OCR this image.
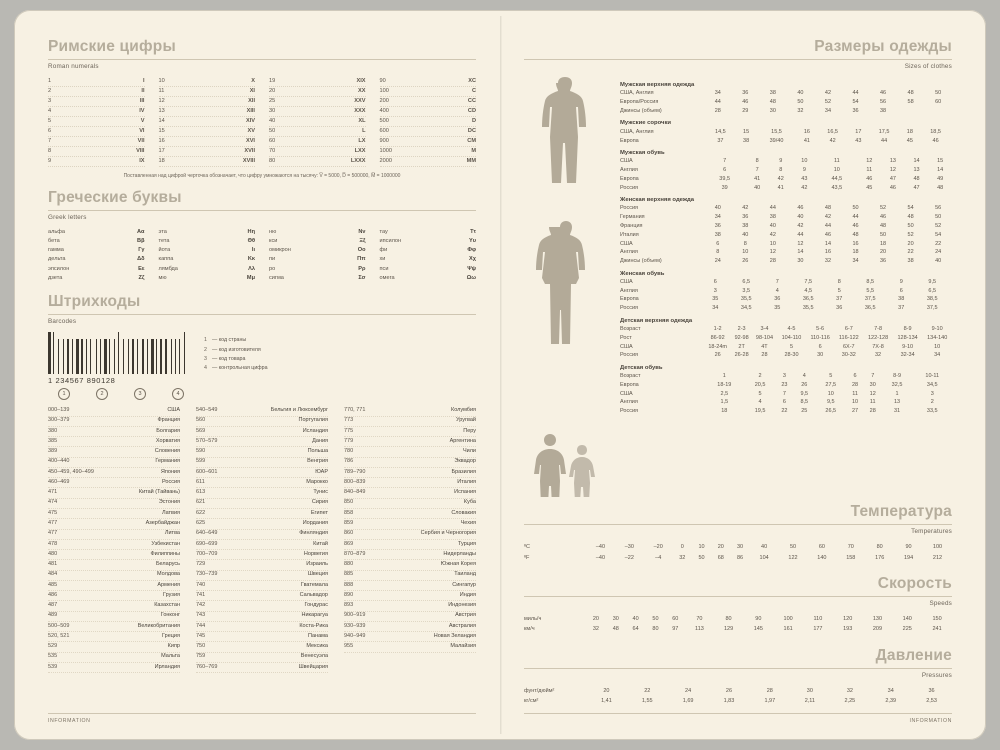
Римские цифры
Roman numerals
1	I
2	II
3	III
4	IV
5	V
6	VI
7	VII
8	VIII
9	IX
10	X
11	XI
12	XII
13	XIII
14	XIV
15	XV
16	XVI
17	XVII
18	XVIII
19	XIX
20	XX
25	XXV
30	XXX
40	XL
50	L
60	LX
70	LXX
80	LXXX
90	XC
100	C
200	CC
400	CD
500	D
600	DC
900	CM
1000	M
2000	MM
Поставленная над цифрой черточка обозначает, что цифру умножаются на тысячу: V̅ = 5000, D̅ = 500000, M̅ = 1000000
Греческие буквы
Greek letters
альфа	Аα
бета	Вβ
гамма	Гγ
дельта	Δδ
эпсилон	Εε
дзета	Ζζ
эта	Ηη
тета	Θθ
йота	Ιι
каппа	Κκ
лямбда	Λλ
мю	Μμ
ню	Νν
кси	Ξξ
омикрон	Οο
пи	Ππ
ро	Ρρ
сигма	Σσ
тау	Ττ
ипсилон	Υυ
фи	Φφ
хи	Χχ
пси	Ψψ
омега	Ωω
Штрихкоды
Barcodes
1 234567 890128
1	2	3	4
1 — код страны
2 — код изготовителя
3 — код товара
4 — контрольная цифра
000–139	США
300–379	Франция
380	Болгария
385	Хорватия
389	Словения
400–440	Германия
450–459, 490–499	Япония
460–469	Россия
471	Китай (Тайвань)
474	Эстония
475	Латвия
477	Азербайджан
477	Литва
478	Узбекистан
480	Филиппины
481	Беларусь
484	Молдова
485	Армения
486	Грузия
487	Казахстан
489	Гонконг
500–509	Великобритания
520, 521	Греция
529	Кипр
535	Мальта
539	Ирландия
540–549	Бельгия и Люксембург
560	Португалия
569	Исландия
570–579	Дания
590	Польша
599	Венгрия
600–601	ЮАР
611	Марокко
613	Тунис
621	Сирия
622	Египет
625	Иордания
640–649	Финляндия
690–699	Китай
700–709	Норвегия
729	Израиль
730–739	Швеция
740	Гватемала
741	Сальвадор
742	Гондурас
743	Никарагуа
744	Коста-Рика
745	Панама
750	Мексика
759	Венесуэла
760–769	Швейцария
770, 771	Колумбия
773	Уругвай
775	Перу
779	Аргентина
780	Чили
786	Эквадор
789–790	Бразилия
800–839	Италия
840–849	Испания
850	Куба
858	Словакия
859	Чехия
860	Сербия и Черногория
869	Турция
870–879	Нидерланды
880	Южная Корея
885	Таиланд
888	Сингапур
890	Индия
893	Индонезия
900–919	Австрия
930–939	Австралия
940–949	Новая Зеландия
955	Малайзия
INFORMATION
Размеры одежды
Sizes of clothes
Мужская верхняя одежда
США, Англия	34	36	38	40	42	44	46	48	50
Европа/Россия	44	46	48	50	52	54	56	58	60
Джинсы (объем)	28	29	30	32	34	36	38		
Мужские сорочки
США, Англия	14,5	15	15,5	16	16,5	17	17,5	18	18,5
Европа	37	38	39/40	41	42	43	44	45	46
Мужская обувь
США	7	8	9	10	11	12	13	14	15
Англия	6	7	8	9	10	11	12	13	14
Европа	39,5	41	42	43	44,5	46	47	48	49
Россия	39	40	41	42	43,5	45	46	47	48
Женская верхняя одежда
Россия	40	42	44	46	48	50	52	54	56
Германия	34	36	38	40	42	44	46	48	50
Франция	36	38	40	42	44	46	48	50	52
Италия	38	40	42	44	46	48	50	52	54
США	6	8	10	12	14	16	18	20	22
Англия	8	10	12	14	16	18	20	22	24
Джинсы (объем)	24	26	28	30	32	34	36	38	40
Женская обувь
США		6	6,5	7	7,5	8	8,5	9	9,5
Англия		3	3,5	4	4,5	5	5,5	6	6,5
Европа		35	35,5	36	36,5	37	37,5	38	38,5
Россия		34	34,5	35	35,5	36	36,5	37	37,5
Детская верхняя одежда
Возраст	1-2	2-3	3-4	4-5	5-6	6-7	7-8	8-9	9-10
Рост	86-92	92-98	98-104	104-110	110-116	116-122	122-128	128-134	134-140
США	18-24m	2T	4T	5	6	6X-7	7X-8	9-10	10
Россия	26	26-28	28	28-30	30	30-32	32	32-34	34
Детская обувь
Возраст	1	2	3	4	5	6	7	8-9	10-11
Европа	18-19	20,5	23	26	27,5	28	30	32,5	34,5
США	2,5	5	7	9,5	10	11	12	1	3
Англия	1,5	4	6	8,5	9,5	10	11	13	2
Россия	18	19,5	22	25	26,5	27	28	31	33,5
Температура
Temperatures
ºC	–40	–30	–20	0	10	20	30	40	50	60	70	80	90	100
ºF	–40	–22	–4	32	50	68	86	104	122	140	158	176	194	212
Скорость
Speeds
миль/ч	20	30	40	50	60	70	80	90	100	110	120	130	140	150
км/ч	32	48	64	80	97	113	129	145	161	177	193	209	225	241
Давление
Pressures
фунт/дюйм²	20	22	24	26	28	30	32	34	36
кг/см²	1,41	1,55	1,69	1,83	1,97	2,11	2,25	2,39	2,53
INFORMATION
